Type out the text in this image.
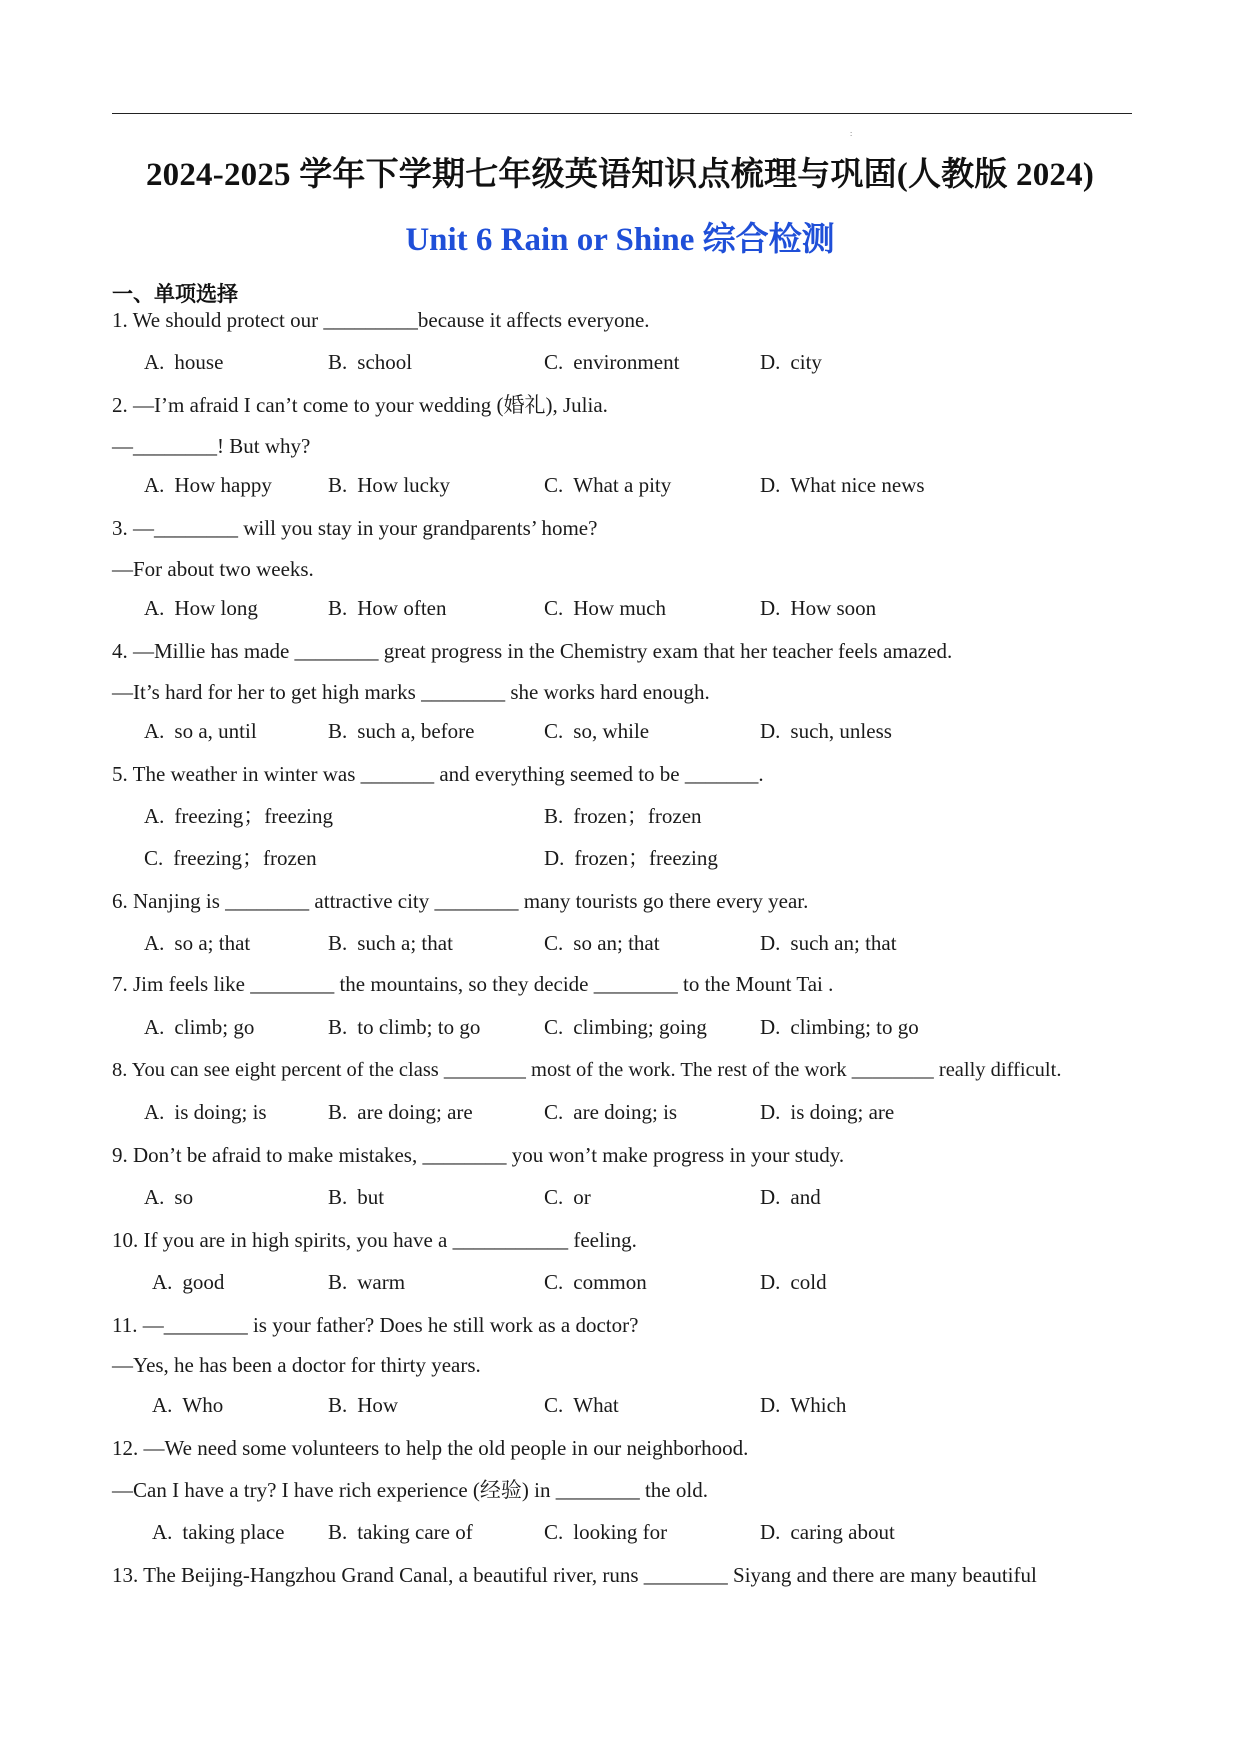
:
2024-2025 学年下学期七年级英语知识点梳理与巩固(人教版 2024)
Unit 6 Rain or Shine 综合检测
一、单项选择
1. We should protect our _________because it affects everyone.
A. house	B. school	C. environment	D. city
2. —I’m afraid I can’t come to your wedding (婚礼), Julia.
—________! But why?
A. How happy	B. How lucky	C. What a pity	D. What nice news
3. —________ will you stay in your grandparents’ home?
—For about two weeks.
A. How long	B. How often	C. How much	D. How soon
4. —Millie has made ________ great progress in the Chemistry exam that her teacher feels amazed.
—It’s hard for her to get high marks ________ she works hard enough.
A. so a, until	B. such a, before	C. so, while	D. such, unless
5. The weather in winter was _______ and everything seemed to be _______.
A. freezing；freezing	B. frozen；frozen
C. freezing；frozen	D. frozen；freezing
6. Nanjing is ________ attractive city ________ many tourists go there every year.
A. so a; that	B. such a; that	C. so an; that	D. such an; that
7. Jim feels like ________ the mountains, so they decide ________ to the Mount Tai .
A. climb; go	B. to climb; to go	C. climbing; going	D. climbing; to go
8. You can see eight percent of the class ________ most of the work. The rest of the work ________ really difficult.
A. is doing; is	B. are doing; are	C. are doing; is	D. is doing; are
9. Don’t be afraid to make mistakes, ________ you won’t make progress in your study.
A. so	B. but	C. or	D. and
10. If you are in high spirits, you have a ___________ feeling.
A. good	B. warm	C. common	D. cold
11. —________ is your father? Does he still work as a doctor?
—Yes, he has been a doctor for thirty years.
A. Who	B. How	C. What	D. Which
12. —We need some volunteers to help the old people in our neighborhood.
—Can I have a try? I have rich experience (经验) in ________ the old.
A. taking place B. taking care of	C. looking for	D. caring about
13. The Beijing-Hangzhou Grand Canal, a beautiful river, runs ________ Siyang and there are many beautiful
